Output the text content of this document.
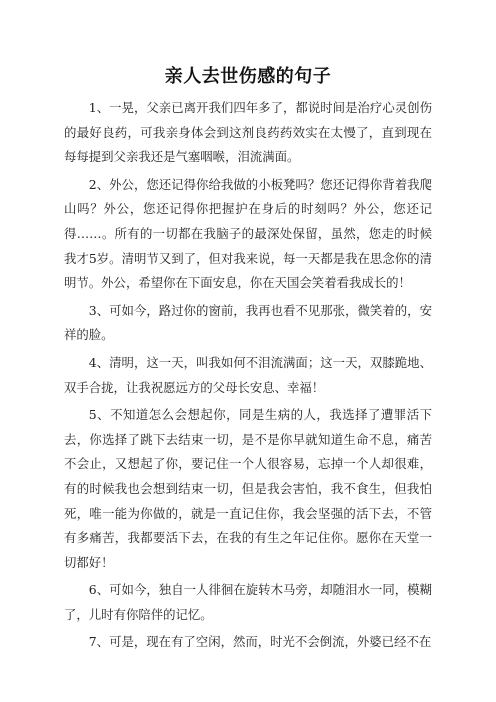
亲人去世伤感的句子

1、一晃，父亲已离开我们四年多了，都说时间是治疗心灵创伤的最好良药，可我亲身体会到这剂良药药效实在太慢了，直到现在每每提到父亲我还是气塞咽喉，泪流满面。

2、外公，您还记得你给我做的小板凳吗？您还记得你背着我爬山吗？外公，您还记得你把握护在身后的时刻吗？外公，您还记得……。所有的一切都在我脑子的最深处保留，虽然，您走的时候我才5岁。清明节又到了，但对我来说，每一天都是我在思念你的清明节。外公，希望你在下面安息，你在天国会笑着看我成长的！

3、可如今，路过你的窗前，我再也看不见那张，微笑着的，安祥的脸。

4、清明，这一天，叫我如何不泪流满面；这一天，双膝跪地、双手合拢，让我祝愿远方的父母长安息、幸福！

5、不知道怎么会想起你，同是生病的人，我选择了遭罪活下去，你选择了跳下去结束一切，是不是你早就知道生命不息，痛苦不会止，又想起了你，要记住一个人很容易，忘掉一个人却很难，有的时候我也会想到结束一切，但是我会害怕，我不食生，但我怕死，唯一能为你做的，就是一直记住你，我会坚强的活下去，不管有多痛苦，我都要活下去，在我的有生之年记住你。愿你在天堂一切都好！

6、可如今，独自一人徘徊在旋转木马旁，却随泪水一同，模糊了，儿时有你陪伴的记忆。

7、可是，现在有了空闲，然而，时光不会倒流，外婆已经不在
